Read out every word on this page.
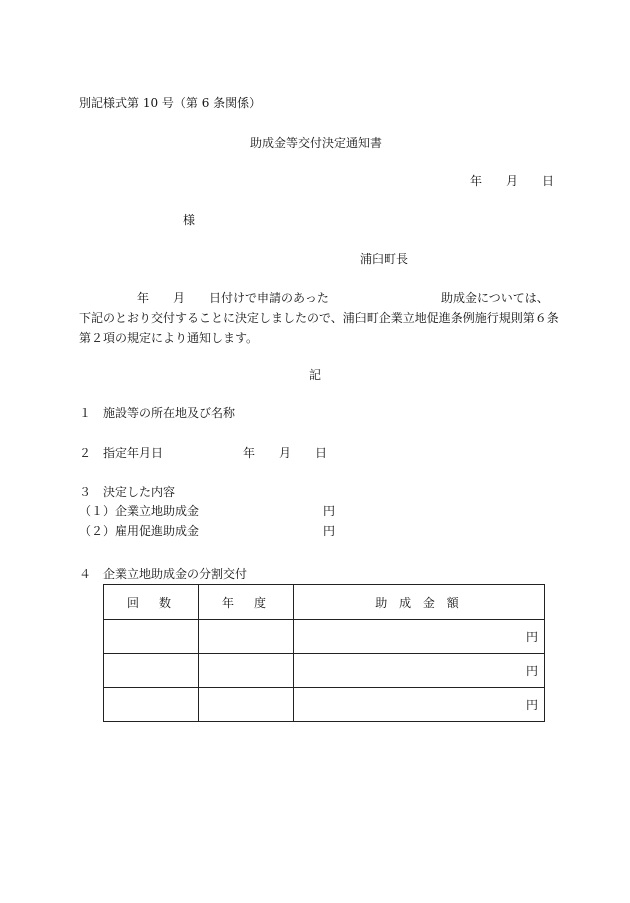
別記様式第 10 号（第 6 条関係）
助成金等交付決定通知書
年　　月　　日
様
浦臼町長
年　　月　　日付けで申請のあった	助成金については、
下記のとおり交付することに決定しましたので、浦臼町企業立地促進条例施行規則第６条
第２項の規定により通知します。
記
１ 施設等の所在地及び名称
２ 指定年月日	年　　月　　日
３ 決定した内容
（１）企業立地助成金	円
（２）雇用促進助成金	円
４ 企業立地助成金の分割交付
回　数	年　度	助 成 金 額
		円
		円
		円
